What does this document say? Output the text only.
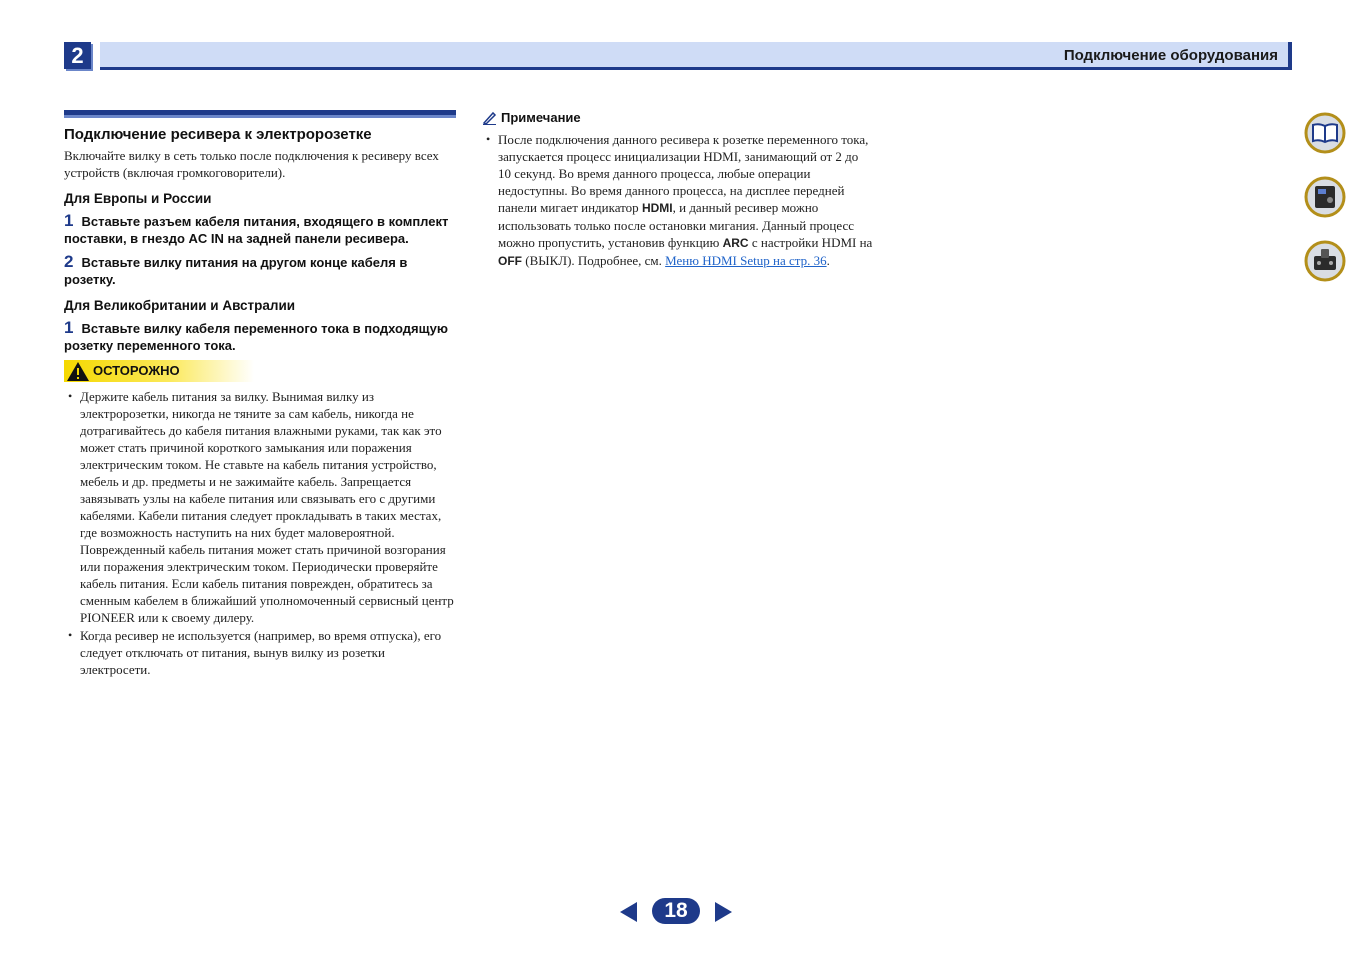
2	Подключение оборудования
Подключение ресивера к электророзетке

Включайте вилку в сеть только после подключения к ресиверу всех устройств (включая громкоговорители).

Для Европы и России

1 Вставьте разъем кабеля питания, входящего в комплект поставки, в гнездо AC IN на задней панели ресивера.

2 Вставьте вилку питания на другом конце кабеля в розетку.

Для Великобритании и Австралии

1 Вставьте вилку кабеля переменного тока в подходящую розетку переменного тока.

ОСТОРОЖНО
• Держите кабель питания за вилку. Вынимая вилку из электророзетки, никогда не тяните за сам кабель, никогда не дотрагивайтесь до кабеля питания влажными руками, так как это может стать причиной короткого замыкания или поражения электрическим током. Не ставьте на кабель питания устройство, мебель и др. предметы и не зажимайте кабель. Запрещается завязывать узлы на кабеле питания или связывать его с другими кабелями. Кабели питания следует прокладывать в таких местах, где возможность наступить на них будет маловероятной. Поврежденный кабель питания может стать причиной возгорания или поражения электрическим током. Периодически проверяйте кабель питания. Если кабель питания поврежден, обратитесь за сменным кабелем в ближайший уполномоченный сервисный центр PIONEER или к своему дилеру.
• Когда ресивер не используется (например, во время отпуска), его следует отключать от питания, вынув вилку из розетки электросети.
Примечание
• После подключения данного ресивера к розетке переменного тока, запускается процесс инициализации HDMI, занимающий от 2 до 10 секунд. Во время данного процесса, любые операции недоступны. Во время данного процесса, на дисплее передней панели мигает индикатор HDMI, и данный ресивер можно использовать только после остановки мигания. Данный процесс можно пропустить, установив функцию ARC с настройки HDMI на OFF (ВЫКЛ). Подробнее, см. Меню HDMI Setup на стр. 36.
18
